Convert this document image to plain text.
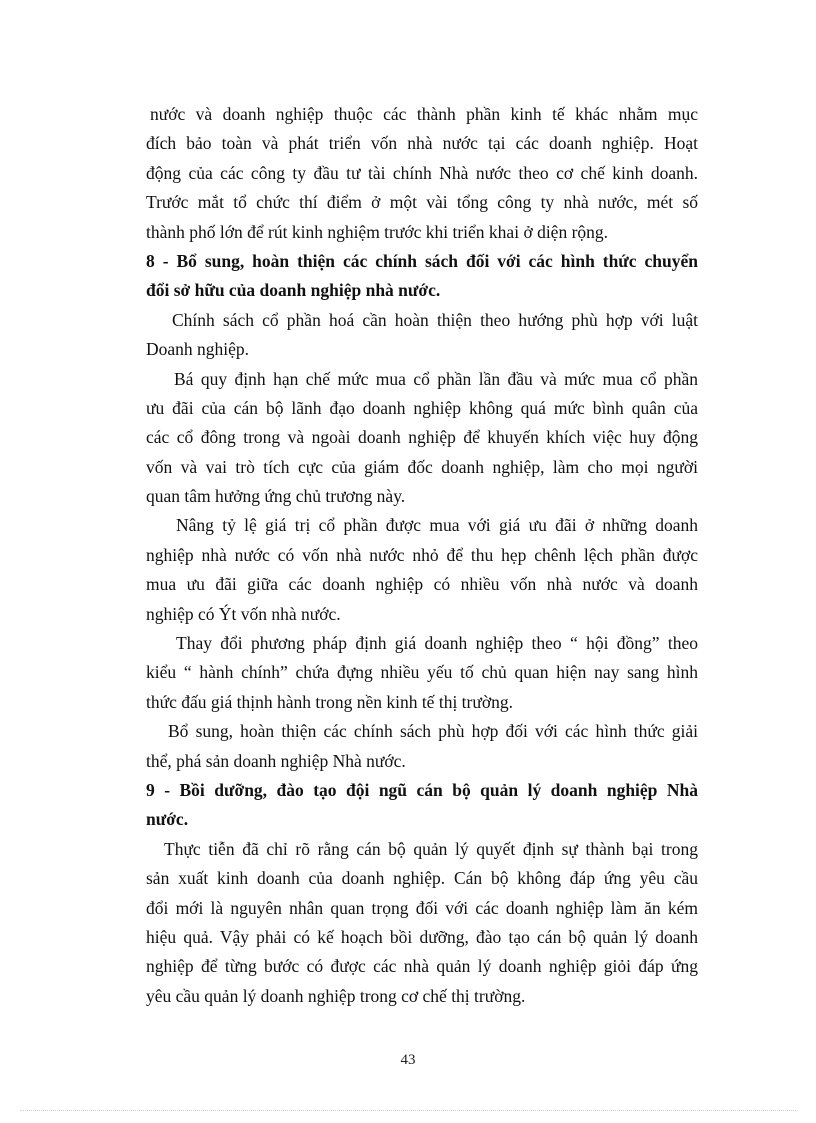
nước và doanh nghiệp thuộc các thành phần kinh tế khác nhằm mục
đích bảo toàn và phát triển vốn nhà nước tại các doanh nghiệp. Hoạt
động của các công ty đầu tư tài chính Nhà nước theo cơ chế kinh doanh.
Trước mắt tổ chức thí điểm ở một vài tổng công ty nhà nước, mét số
thành phố lớn để rút kinh nghiệm trước khi triển khai ở diện rộng.
8 - Bổ sung, hoàn thiện các chính sách đối với các hình thức chuyển
đổi sở hữu của doanh nghiệp nhà nước.
Chính sách cổ phần hoá cần hoàn thiện theo hướng phù hợp với luật
Doanh nghiệp.
Bá quy định hạn chế mức mua cổ phần lần đầu và mức mua cổ phần
ưu đãi của cán bộ lãnh đạo doanh nghiệp không quá mức bình quân của
các cổ đông trong và ngoài doanh nghiệp để khuyến khích việc huy động
vốn và vai trò tích cực của giám đốc doanh nghiệp, làm cho mọi người
quan tâm hưởng ứng chủ trương này.
Nâng tỷ lệ giá trị cổ phần được mua với giá ưu đãi ở những doanh
nghiệp nhà nước có vốn nhà nước nhỏ để thu hẹp chênh lệch phần được
mua ưu đãi giữa các doanh nghiệp có nhiều vốn nhà nước và doanh
nghiệp có Ýt vốn nhà nước.
Thay đổi phương pháp định giá doanh nghiệp theo “ hội đồng” theo
kiểu “ hành chính” chứa đựng nhiều yếu tố chủ quan hiện nay sang hình
thức đấu giá thịnh hành trong nền kinh tế thị trường.
Bổ sung, hoàn thiện các chính sách phù hợp đối với các hình thức giải
thể, phá sản doanh nghiệp Nhà nước.
9 - Bồi dưỡng, đào tạo đội ngũ cán bộ quản lý doanh nghiệp Nhà
nước.
Thực tiễn đã chỉ rõ rằng cán bộ quản lý quyết định sự thành bại trong
sản xuất kinh doanh của doanh nghiệp. Cán bộ không đáp ứng yêu cầu
đổi mới là nguyên nhân quan trọng đối với các doanh nghiệp làm ăn kém
hiệu quả. Vậy phải có kế hoạch bồi dưỡng, đào tạo cán bộ quản lý doanh
nghiệp để từng bước có được các nhà quản lý doanh nghiệp giỏi đáp ứng
yêu cầu quản lý doanh nghiệp trong cơ chế thị trường.
43
